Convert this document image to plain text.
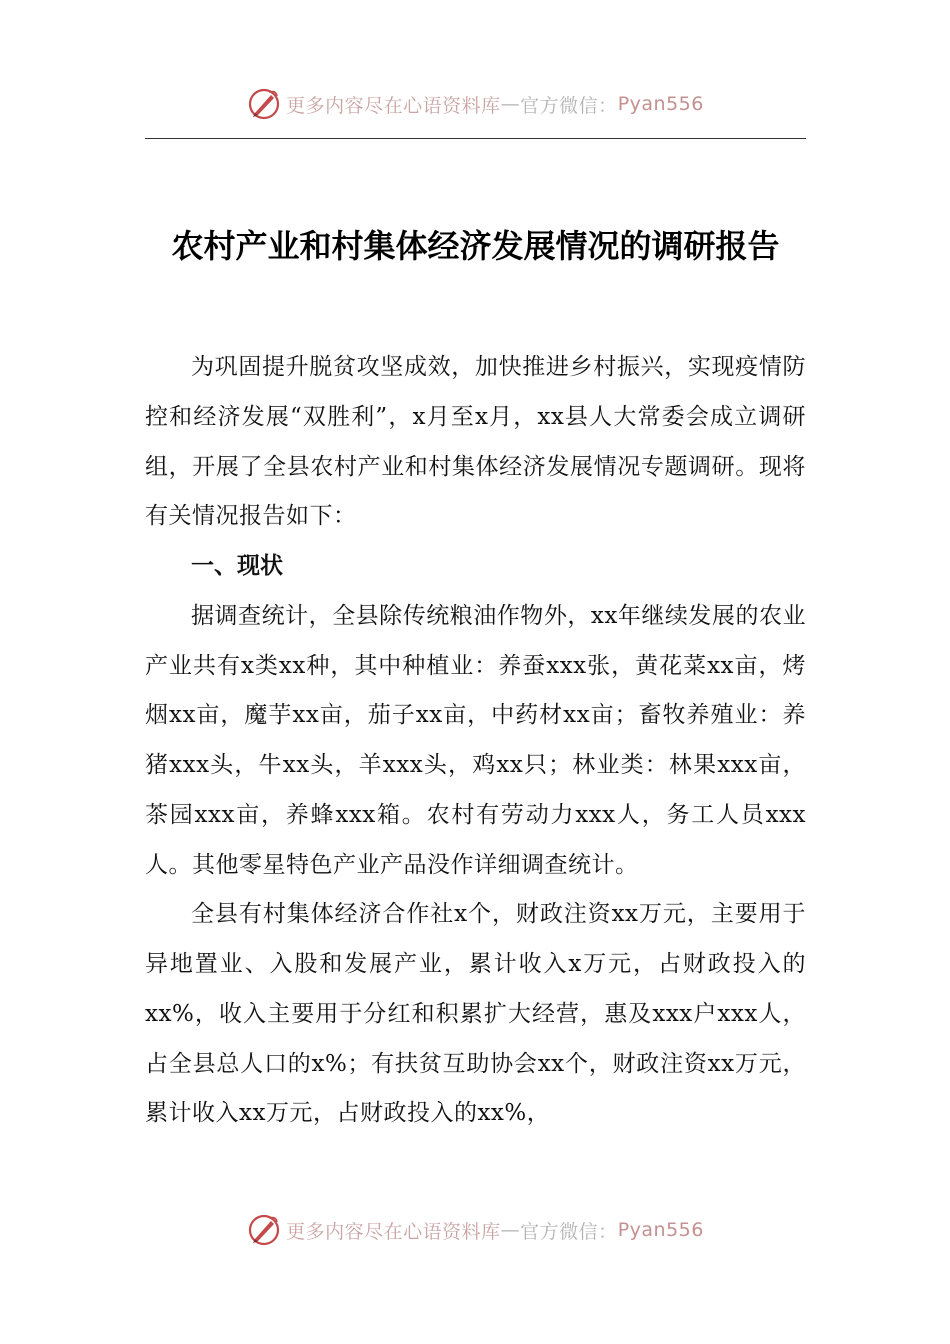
更多内容尽在心语资料库 — 官方微信： Pyan556
农村产业和村集体经济发展情况的调研报告

为巩固提升脱贫攻坚成效，加快推进乡村振兴，实现疫情防控和经济发展“双胜利”，x月至x月，xx县人大常委会成立调研组，开展了全县农村产业和村集体经济发展情况专题调研。现将有关情况报告如下：

一、现状

据调查统计，全县除传统粮油作物外，xx年继续发展的农业产业共有x类xx种，其中种植业：养蚕xxx张，黄花菜xx亩，烤烟xx亩，魔芋xx亩，茄子xx亩，中药材xx亩；畜牧养殖业：养猪xxx头，牛xx头，羊xxx头，鸡xx只；林业类：林果xxx亩，茶园xxx亩，养蜂xxx箱。农村有劳动力xxx人，务工人员xxx人。其他零星特色产业产品没作详细调查统计。

全县有村集体经济合作社x个，财政注资xx万元，主要用于异地置业、入股和发展产业，累计收入x万元，占财政投入的xx%，收入主要用于分红和积累扩大经营，惠及xxx户xxx人，占全县总人口的x%；有扶贫互助协会xx个，财政注资xx万元，累计收入xx万元，占财政投入的xx%，

更多内容尽在心语资料库 — 官方微信： Pyan556
